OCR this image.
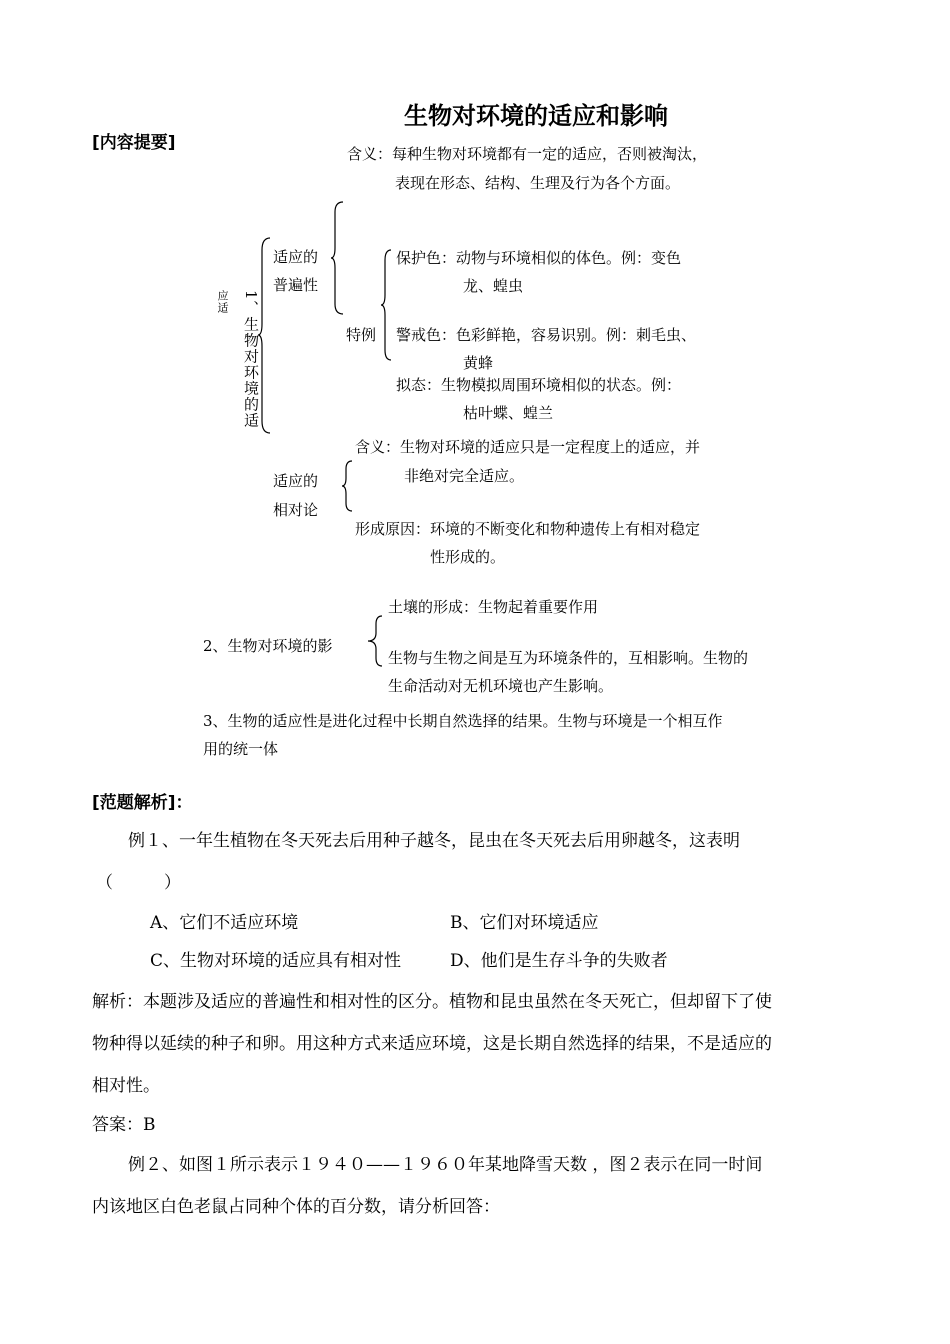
生物对环境的适应和影响
[内容提要]
含义：每种生物对环境都有一定的适应，否则被淘汰，
表现在形态、结构、生理及行为各个方面。
应适 1、生物对环境的适
适应的
普遍性
特例
保护色：动物与环境相似的体色。例：变色
龙、蝗虫
警戒色：色彩鲜艳，容易识别。例：刺毛虫、
黄蜂
拟态：生物模拟周围环境相似的状态。例：
枯叶蝶、蝗兰
含义：生物对环境的适应只是一定程度上的适应，并
非绝对完全适应。
适应的
相对论
形成原因：环境的不断变化和物种遗传上有相对稳定
性形成的。
土壤的形成：生物起着重要作用
2、生物对环境的影
生物与生物之间是互为环境条件的，互相影响。生物的
生命活动对无机环境也产生影响。
3、生物的适应性是进化过程中长期自然选择的结果。生物与环境是一个相互作
用的统一体
[范题解析]：
例１、一年生植物在冬天死去后用种子越冬，昆虫在冬天死去后用卵越冬，这表明
（　　　）
A、它们不适应环境	B、它们对环境适应
C、生物对环境的适应具有相对性	D、他们是生存斗争的失败者
解析：本题涉及适应的普遍性和相对性的区分。植物和昆虫虽然在冬天死亡，但却留下了使
物种得以延续的种子和卵。用这种方式来适应环境，这是长期自然选择的结果，不是适应的
相对性。
答案：B
例２、如图１所示表示１９４０——１９６０年某地降雪天数 ，图２表示在同一时间
内该地区白色老鼠占同种个体的百分数，请分析回答：
